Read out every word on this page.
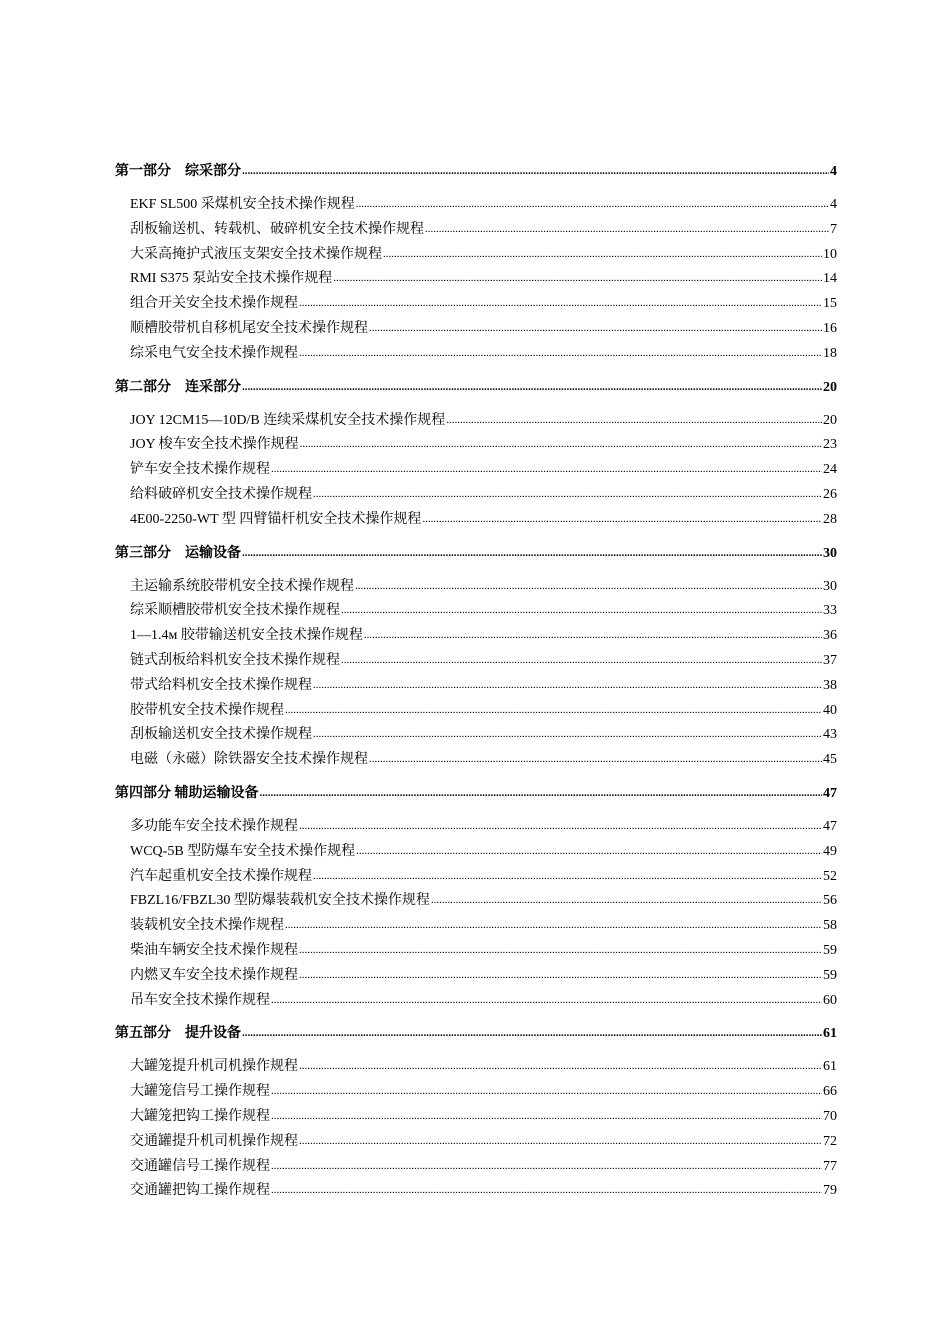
第一部分　综采部分 .....	4
EKF SL500 采煤机安全技术操作规程 .....	4
刮板输送机、转载机、破碎机安全技术操作规程 .....	7
大采高掩护式液压支架安全技术操作规程 .....	10
RMI S375 泵站安全技术操作规程 .....	14
组合开关安全技术操作规程 .....	15
顺槽胶带机自移机尾安全技术操作规程 .....	16
综采电气安全技术操作规程 .....	18
第二部分　连采部分 .....	20
JOY 12CM15—10D/B 连续采煤机安全技术操作规程 .....	20
JOY 梭车安全技术操作规程 .....	23
铲车安全技术操作规程 .....	24
给料破碎机安全技术操作规程 .....	26
4E00-2250-WT 型 四臂锚杆机安全技术操作规程 .....	28
第三部分　运输设备 .....	30
主运输系统胶带机安全技术操作规程 .....	30
综采顺槽胶带机安全技术操作规程 .....	33
1—1.4м 胶带输送机安全技术操作规程 .....	36
链式刮板给料机安全技术操作规程 .....	37
带式给料机安全技术操作规程 .....	38
胶带机安全技术操作规程 .....	40
刮板输送机安全技术操作规程 .....	43
电磁（永磁）除铁器安全技术操作规程 .....	45
第四部分 辅助运输设备 .....	47
多功能车安全技术操作规程 .....	47
WCQ-5B 型防爆车安全技术操作规程 .....	49
汽车起重机安全技术操作规程 .....	52
FBZL16/FBZL30 型防爆装载机安全技术操作规程 .....	56
装载机安全技术操作规程 .....	58
柴油车辆安全技术操作规程 .....	59
内燃叉车安全技术操作规程 .....	59
吊车安全技术操作规程 .....	60
第五部分　提升设备 .....	61
大罐笼提升机司机操作规程 .....	61
大罐笼信号工操作规程 .....	66
大罐笼把钩工操作规程 .....	70
交通罐提升机司机操作规程 .....	72
交通罐信号工操作规程 .....	77
交通罐把钩工操作规程 .....	79
